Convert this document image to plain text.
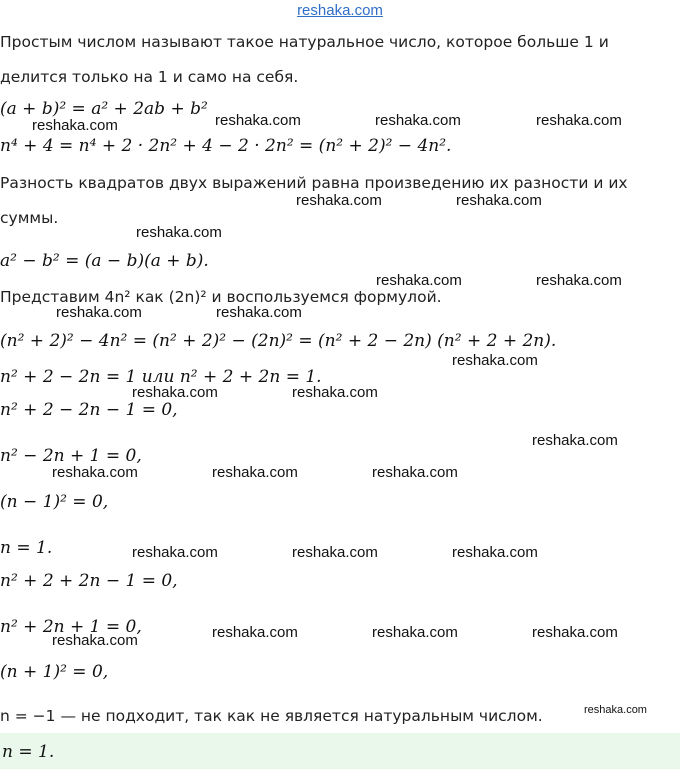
reshaka.com
Простым числом называют такое натуральное число, которое больше 1 и
делится только на 1 и само на себя.
(a + b)² = a² + 2ab + b²
n⁴ + 4 = n⁴ + 2 · 2n² + 4 − 2 · 2n² = (n² + 2)² − 4n².
Разность квадратов двух выражений равна произведению их разности и их
суммы.
a² − b² = (a − b)(a + b).
Представим 4n² как (2n)² и воспользуемся формулой.
(n² + 2)² − 4n² = (n² + 2)² − (2n)² = (n² + 2 − 2n) (n² + 2 + 2n).
n² + 2 − 2n = 1 или n² + 2 + 2n = 1.
n² + 2 − 2n − 1 = 0,
n² − 2n + 1 = 0,
(n − 1)² = 0,
n = 1.
n² + 2 + 2n − 1 = 0,
n² + 2n + 1 = 0,
(n + 1)² = 0,
n = −1 — не подходит, так как не является натуральным числом.
n = 1.
reshaka.com	reshaka.com	reshaka.com	reshaka.com
reshaka.com	reshaka.com
reshaka.com
reshaka.com	reshaka.com
reshaka.com	reshaka.com
reshaka.com
reshaka.com	reshaka.com
reshaka.com
reshaka.com	reshaka.com	reshaka.com
reshaka.com	reshaka.com	reshaka.com
reshaka.com	reshaka.com	reshaka.com
reshaka.com
reshaka.com
